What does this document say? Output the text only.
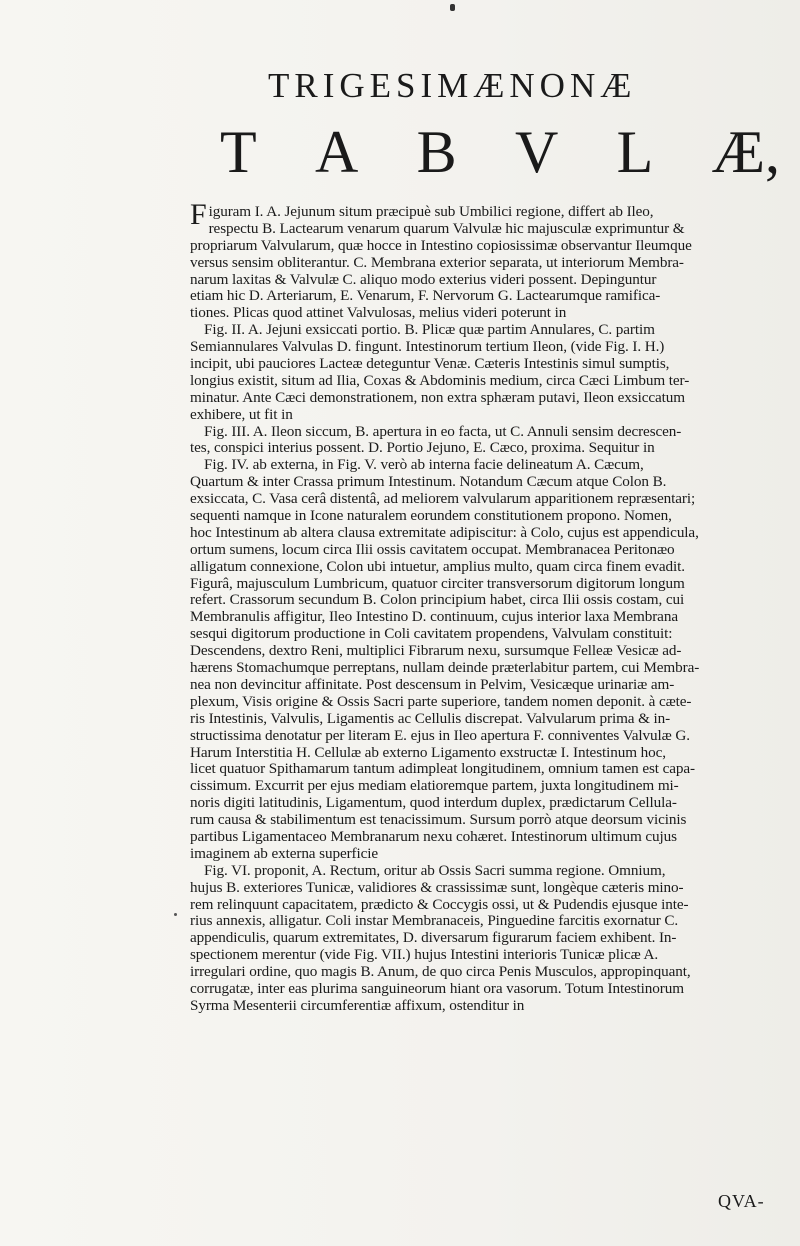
TRIGESIMÆNONÆ
T A B V L Æ,
Figuram I. A. Jejunum situm præcipuè sub Umbilici regione, differt ab Ileo,
respectu B. Lactearum venarum quarum Valvulæ hic majusculæ exprimuntur &
propriarum Valvularum, quæ hocce in Intestino copiosissimæ observantur Ileumque
versus sensim obliterantur. C. Membrana exterior separata, ut interiorum Membra-
narum laxitas & Valvulæ C. aliquo modo exterius videri possent. Depinguntur
etiam hic D. Arteriarum, E. Venarum, F. Nervorum G. Lactearumque ramifica-
tiones. Plicas quod attinet Valvulosas, melius videri poterunt in
Fig. II. A. Jejuni exsiccati portio. B. Plicæ quæ partim Annulares, C. partim
Semiannulares Valvulas D. fingunt. Intestinorum tertium Ileon, (vide Fig. I. H.)
incipit, ubi pauciores Lacteæ deteguntur Venæ. Cæteris Intestinis simul sumptis,
longius existit, situm ad Ilia, Coxas & Abdominis medium, circa Cæci Limbum ter-
minatur. Ante Cæci demonstrationem, non extra sphæram putavi, Ileon exsiccatum
exhibere, ut fit in
Fig. III. A. Ileon siccum, B. apertura in eo facta, ut C. Annuli sensim decrescen-
tes, conspici interius possent. D. Portio Jejuno, E. Cæco, proxima. Sequitur in
Fig. IV. ab externa, in Fig. V. verò ab interna facie delineatum A. Cæcum,
Quartum & inter Crassa primum Intestinum. Notandum Cæcum atque Colon B.
exsiccata, C. Vasa cerâ distentâ, ad meliorem valvularum apparitionem repræsentari;
sequenti namque in Icone naturalem eorundem constitutionem propono. Nomen,
hoc Intestinum ab altera clausa extremitate adipiscitur: à Colo, cujus est appendicula,
ortum sumens, locum circa Ilii ossis cavitatem occupat. Membranacea Peritonæo
alligatum connexione, Colon ubi intuetur, amplius multo, quam circa finem evadit.
Figurâ, majusculum Lumbricum, quatuor circiter transversorum digitorum longum
refert. Crassorum secundum B. Colon principium habet, circa Ilii ossis costam, cui
Membranulis affigitur, Ileo Intestino D. continuum, cujus interior laxa Membrana
sesqui digitorum productione in Coli cavitatem propendens, Valvulam constituit:
Descendens, dextro Reni, multiplici Fibrarum nexu, sursumque Felleæ Vesicæ ad-
hærens Stomachumque perreptans, nullam deinde præterlabitur partem, cui Membra-
nea non devincitur affinitate. Post descensum in Pelvim, Vesicæque urinariæ am-
plexum, Visis origine & Ossis Sacri parte superiore, tandem nomen deponit. à cæte-
ris Intestinis, Valvulis, Ligamentis ac Cellulis discrepat. Valvularum prima & in-
structissima denotatur per literam E. ejus in Ileo apertura F. conniventes Valvulæ G.
Harum Interstitia H. Cellulæ ab externo Ligamento exstructæ I. Intestinum hoc,
licet quatuor Spithamarum tantum adimpleat longitudinem, omnium tamen est capa-
cissimum. Excurrit per ejus mediam elatioremque partem, juxta longitudinem mi-
noris digiti latitudinis, Ligamentum, quod interdum duplex, prædictarum Cellula-
rum causa & stabilimentum est tenacissimum. Sursum porrò atque deorsum vicinis
partibus Ligamentaceo Membranarum nexu cohæret. Intestinorum ultimum cujus
imaginem ab externa superficie
Fig. VI. proponit, A. Rectum, oritur ab Ossis Sacri summa regione. Omnium,
hujus B. exteriores Tunicæ, validiores & crassissimæ sunt, longèque cæteris mino-
rem relinquunt capacitatem, prædicto & Coccygis ossi, ut & Pudendis ejusque inte-
rius annexis, alligatur. Coli instar Membranaceis, Pinguedine farcitis exornatur C.
appendiculis, quarum extremitates, D. diversarum figurarum faciem exhibent. In-
spectionem merentur (vide Fig. VII.) hujus Intestini interioris Tunicæ plicæ A.
irregulari ordine, quo magis B. Anum, de quo circa Penis Musculos, appropinquant,
corrugatæ, inter eas plurima sanguineorum hiant ora vasorum. Totum Intestinorum
Syrma Mesenterii circumferentiæ affixum, ostenditur in
QVA-
